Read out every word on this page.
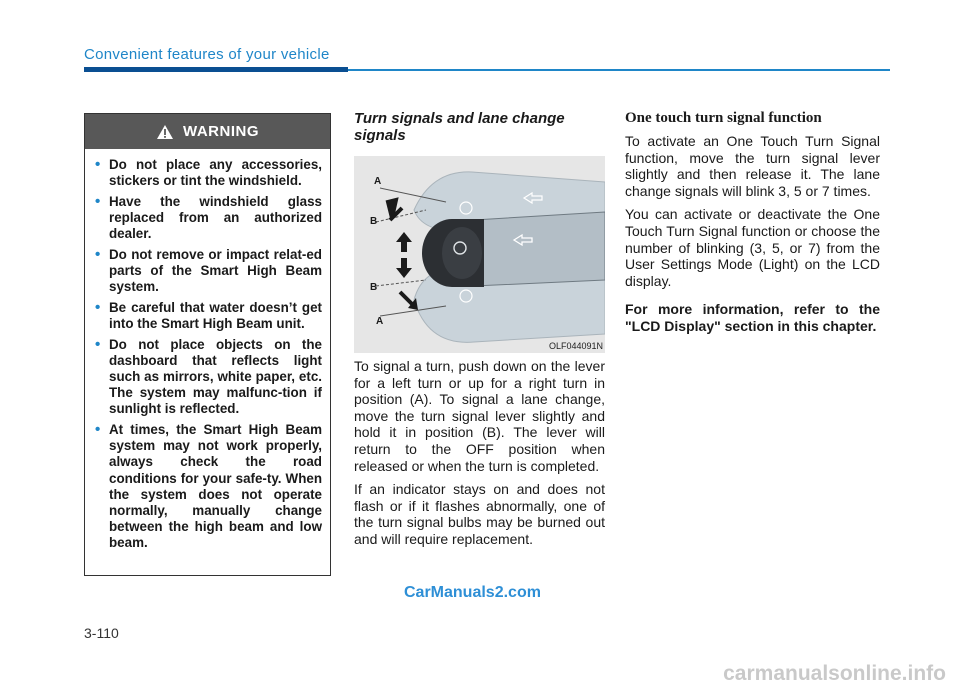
Convenient features of your vehicle
WARNING
• Do not place any accessories, stickers or tint the windshield.
• Have the windshield glass replaced from an authorized dealer.
• Do not remove or impact relat-ed parts of the Smart High Beam system.
• Be careful that water doesn’t get into the Smart High Beam unit.
• Do not place objects on the dashboard that reflects light such as mirrors, white paper, etc. The system may malfunc-tion if sunlight is reflected.
• At times, the Smart High Beam system may not work properly, always check the road conditions for your safe-ty. When the system does not operate normally, manually change between the high beam and low beam.
Turn signals and lane change signals
A
B
B
A
OLF044091N

To signal a turn, push down on the lever for a left turn or up for a right turn in position (A). To signal a lane change, move the turn signal lever slightly and hold it in position (B). The lever will return to the OFF position when released or when the turn is completed.

If an indicator stays on and does not flash or if it flashes abnormally, one of the turn signal bulbs may be burned out and will require replacement.

One touch turn signal function

To activate an One Touch Turn Signal function, move the turn signal lever slightly and then release it. The lane change signals will blink 3, 5 or 7 times.

You can activate or deactivate the One Touch Turn Signal function or choose the number of blinking (3, 5, or 7) from the User Settings Mode (Light) on the LCD display.

For more information, refer to the "LCD Display" section in this chapter.

CarManuals2.com
3-110
carmanualsonline.info
